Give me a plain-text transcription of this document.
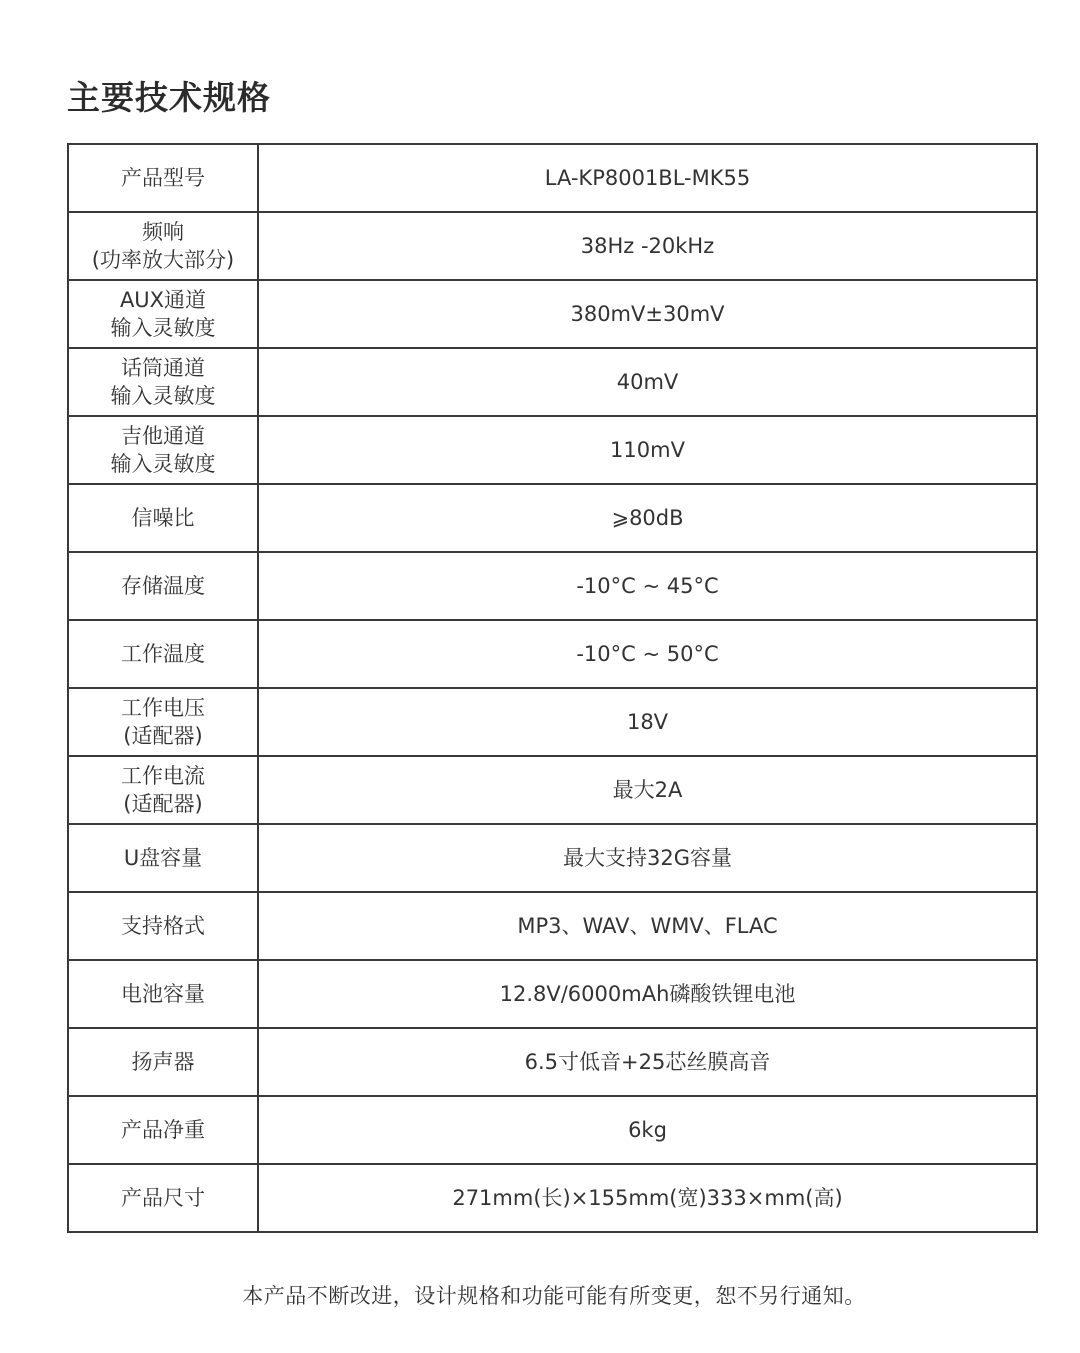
主要技术规格
产品型号	LA-KP8001BL-MK55
频响
(功率放大部分)	38Hz -20kHz
AUX通道
输入灵敏度	380mV±30mV
话筒通道
输入灵敏度	40mV
吉他通道
输入灵敏度	110mV
信噪比	⩾80dB
存储温度	-10°C ~ 45°C
工作温度	-10°C ~ 50°C
工作电压
(适配器)	18V
工作电流
(适配器)	最大2A
U盘容量	最大支持32G容量
支持格式	MP3、WAV、WMV、FLAC
电池容量	12.8V/6000mAh磷酸铁锂电池
扬声器	6.5寸低音+25芯丝膜高音
产品净重	6kg
产品尺寸	271mm(长)×155mm(宽)333×mm(高)
本产品不断改进，设计规格和功能可能有所变更，恕不另行通知。
